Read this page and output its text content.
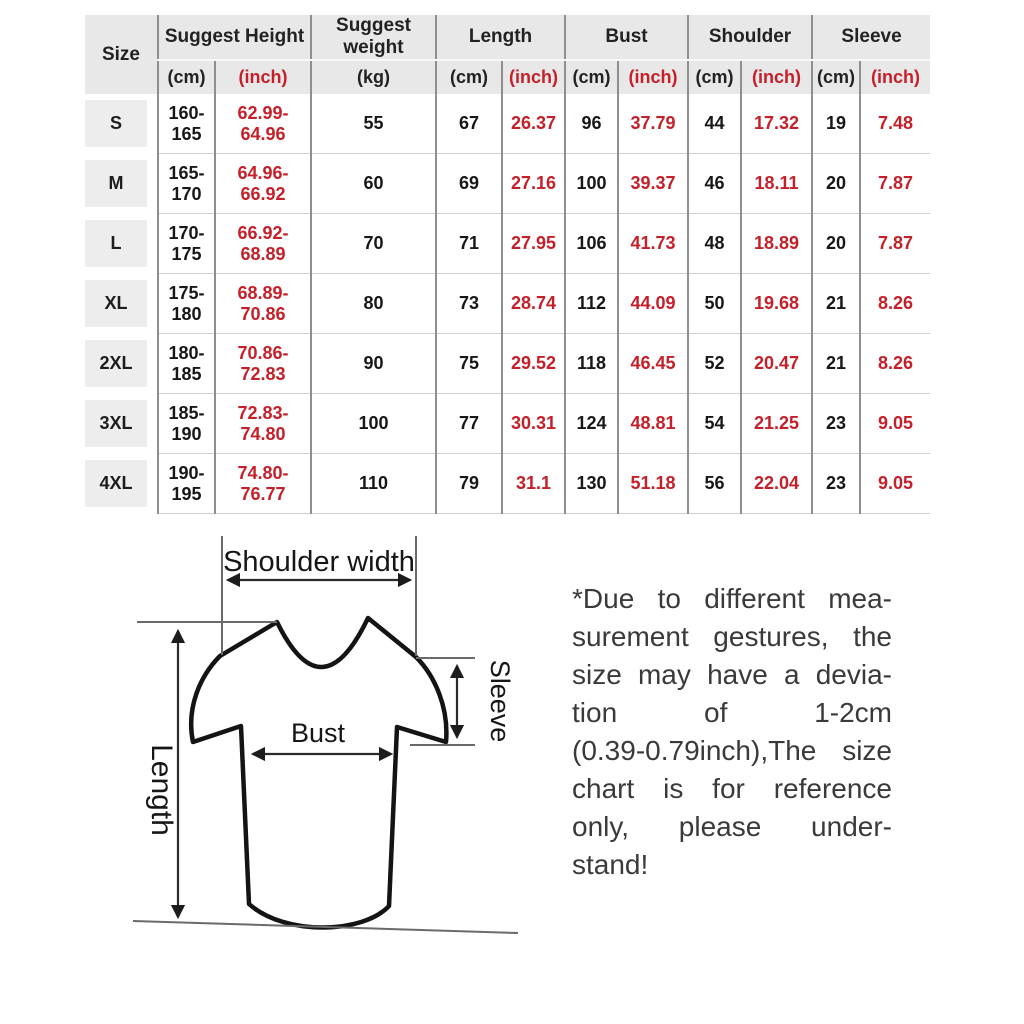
Size	Suggest Height		Suggest weight	Length		Bust		Shoulder		Sleeve	
	(cm)	(inch)	(kg)	(cm)	(inch)	(cm)	(inch)	(cm)	(inch)	(cm)	(inch)

S	160-165	62.99-64.96	55	67	26.37	96	37.79	44	17.32	19	7.48

M	165-170	64.96-66.92	60	69	27.16	100	39.37	46	18.11	20	7.87

L	170-175	66.92-68.89	70	71	27.95	106	41.73	48	18.89	20	7.87

XL	175-180	68.89-70.86	80	73	28.74	112	44.09	50	19.68	21	8.26

2XL	180-185	70.86-72.83	90	75	29.52	118	46.45	52	20.47	21	8.26

3XL	185-190	72.83-74.80	100	77	30.31	124	48.81	54	21.25	23	9.05

4XL	190-195	74.80-76.77	110	79	31.1	130	51.18	56	22.04	23	9.05
Shoulder width
Length
Sleeve
Bust
*Due to different mea-
surement gestures, the
size may have a devia-
tion of 1-2cm
(0.39-0.79inch),The size
chart is for reference
only, please under-
stand!
